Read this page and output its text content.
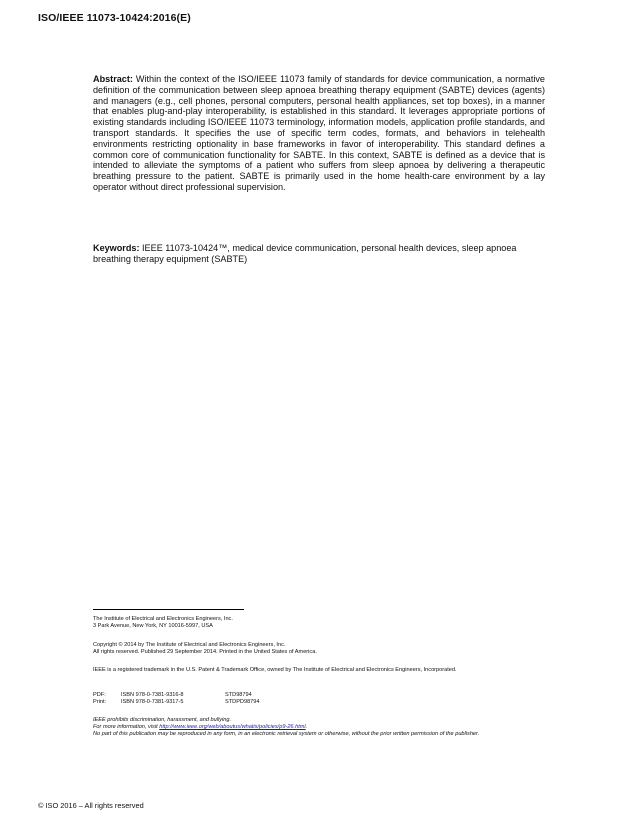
ISO/IEEE 11073-10424:2016(E)
Abstract: Within the context of the ISO/IEEE 11073 family of standards for device communication, a normative definition of the communication between sleep apnoea breathing therapy equipment (SABTE) devices (agents) and managers (e.g., cell phones, personal computers, personal health appliances, set top boxes), in a manner that enables plug-and-play interoperability, is established in this standard. It leverages appropriate portions of existing standards including ISO/IEEE 11073 terminology, information models, application profile standards, and transport standards. It specifies the use of specific term codes, formats, and behaviors in telehealth environments restricting optionality in base frameworks in favor of interoperability. This standard defines a common core of communication functionality for SABTE. In this context, SABTE is defined as a device that is intended to alleviate the symptoms of a patient who suffers from sleep apnoea by delivering a therapeutic breathing pressure to the patient. SABTE is primarily used in the home health-care environment by a lay operator without direct professional supervision.
Keywords: IEEE 11073-10424™, medical device communication, personal health devices, sleep apnoea breathing therapy equipment (SABTE)

The Institute of Electrical and Electronics Engineers, Inc.

3 Park Avenue, New York, NY 10016-5997, USA

Copyright © 2014 by The Institute of Electrical and Electronics Engineers, Inc.

All rights reserved. Published 29 September 2014. Printed in the United States of America.

IEEE is a registered trademark in the U.S. Patent & Trademark Office, owned by The Institute of Electrical and Electronics Engineers, Incorporated.

PDF:	ISBN 978-0-7381-9316-8	STD98794
Print:	ISBN 978-0-7381-9317-5	STDPD98794

IEEE prohibits discrimination, harassment, and bullying.

For more information, visit http://www.ieee.org/web/aboutus/whatis/policies/p9-26.html.

No part of this publication may be reproduced in any form, in an electronic retrieval system or otherwise, without the prior written permission of the publisher.

© ISO 2016 – All rights reserved
